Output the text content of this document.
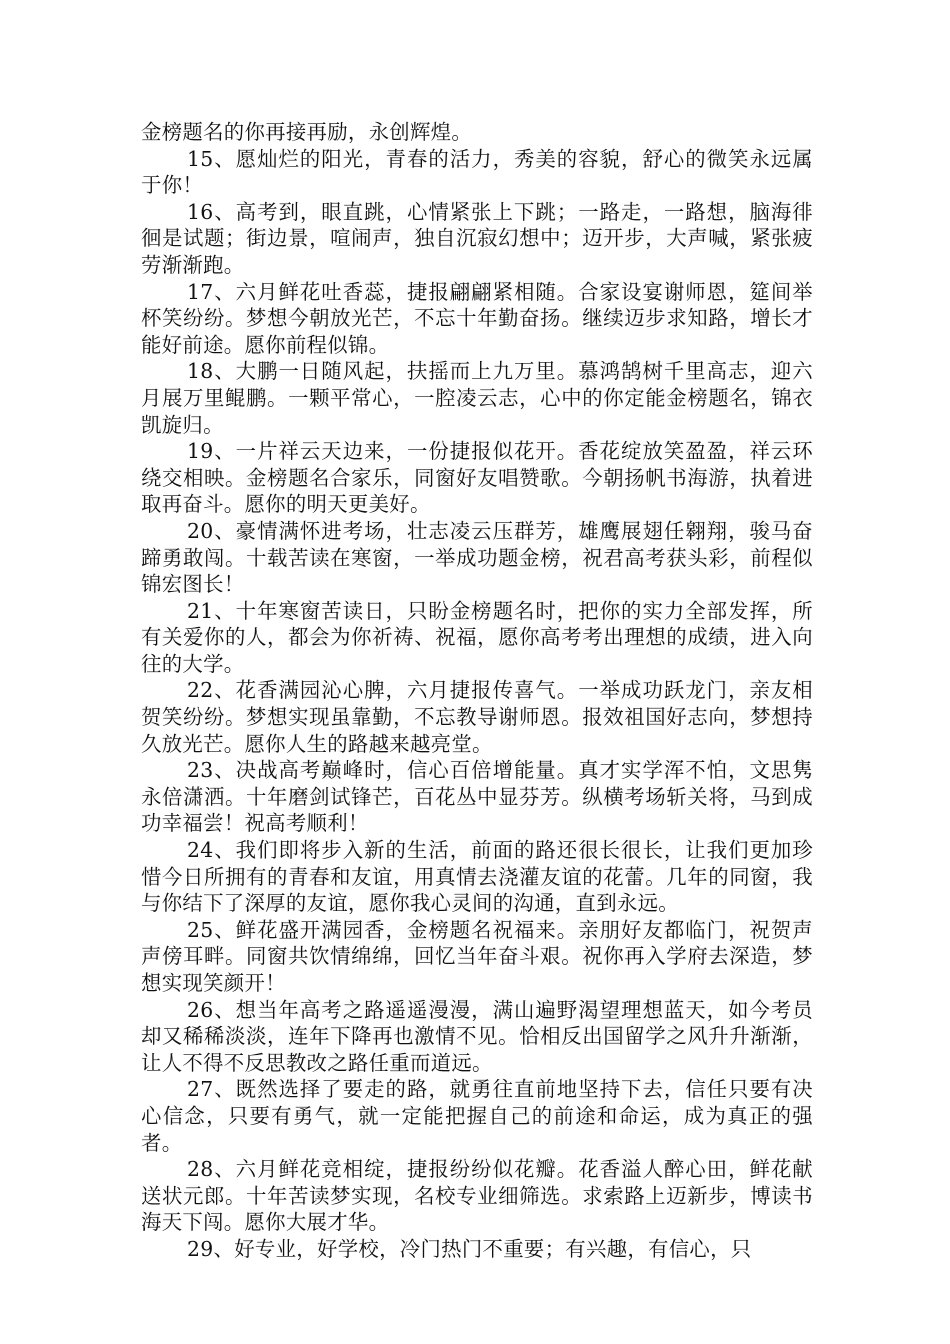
金榜题名的你再接再励，永创辉煌。

15、愿灿烂的阳光，青春的活力，秀美的容貌，舒心的微笑永远属于你！

16、高考到，眼直跳，心情紧张上下跳；一路走，一路想，脑海徘徊是试题；街边景，喧闹声，独自沉寂幻想中；迈开步，大声喊，紧张疲劳渐渐跑。

17、六月鲜花吐香蕊，捷报翩翩紧相随。合家设宴谢师恩，筵间举杯笑纷纷。梦想今朝放光芒，不忘十年勤奋扬。继续迈步求知路，增长才能好前途。愿你前程似锦。

18、大鹏一日随风起，扶摇而上九万里。慕鸿鹄树千里高志，迎六月展万里鲲鹏。一颗平常心，一腔凌云志，心中的你定能金榜题名，锦衣凯旋归。

19、一片祥云天边来，一份捷报似花开。香花绽放笑盈盈，祥云环绕交相映。金榜题名合家乐，同窗好友唱赞歌。今朝扬帆书海游，执着进取再奋斗。愿你的明天更美好。

20、豪情满怀进考场，壮志凌云压群芳，雄鹰展翅任翱翔，骏马奋蹄勇敢闯。十载苦读在寒窗，一举成功题金榜，祝君高考获头彩，前程似锦宏图长！

21、十年寒窗苦读日，只盼金榜题名时，把你的实力全部发挥，所有关爱你的人，都会为你祈祷、祝福，愿你高考考出理想的成绩，进入向往的大学。

22、花香满园沁心脾，六月捷报传喜气。一举成功跃龙门，亲友相贺笑纷纷。梦想实现虽靠勤，不忘教导谢师恩。报效祖国好志向，梦想持久放光芒。愿你人生的路越来越亮堂。

23、决战高考巅峰时，信心百倍增能量。真才实学浑不怕，文思隽永倍潇洒。十年磨剑试锋芒，百花丛中显芬芳。纵横考场斩关将，马到成功幸福尝！祝高考顺利！

24、我们即将步入新的生活，前面的路还很长很长，让我们更加珍惜今日所拥有的青春和友谊，用真情去浇灌友谊的花蕾。几年的同窗，我与你结下了深厚的友谊，愿你我心灵间的沟通，直到永远。

25、鲜花盛开满园香，金榜题名祝福来。亲朋好友都临门，祝贺声声傍耳畔。同窗共饮情绵绵，回忆当年奋斗艰。祝你再入学府去深造，梦想实现笑颜开！

26、想当年高考之路遥遥漫漫，满山遍野渴望理想蓝天，如今考员却又稀稀淡淡，连年下降再也激情不见。恰相反出国留学之风升升渐渐，让人不得不反思教改之路任重而道远。

27、既然选择了要走的路，就勇往直前地坚持下去，信任只要有决心信念，只要有勇气，就一定能把握自己的前途和命运，成为真正的强者。

28、六月鲜花竞相绽，捷报纷纷似花瓣。花香溢人醉心田，鲜花献送状元郎。十年苦读梦实现，名校专业细筛选。求索路上迈新步，博读书海天下闯。愿你大展才华。

29、好专业，好学校，冷门热门不重要；有兴趣，有信心，只
